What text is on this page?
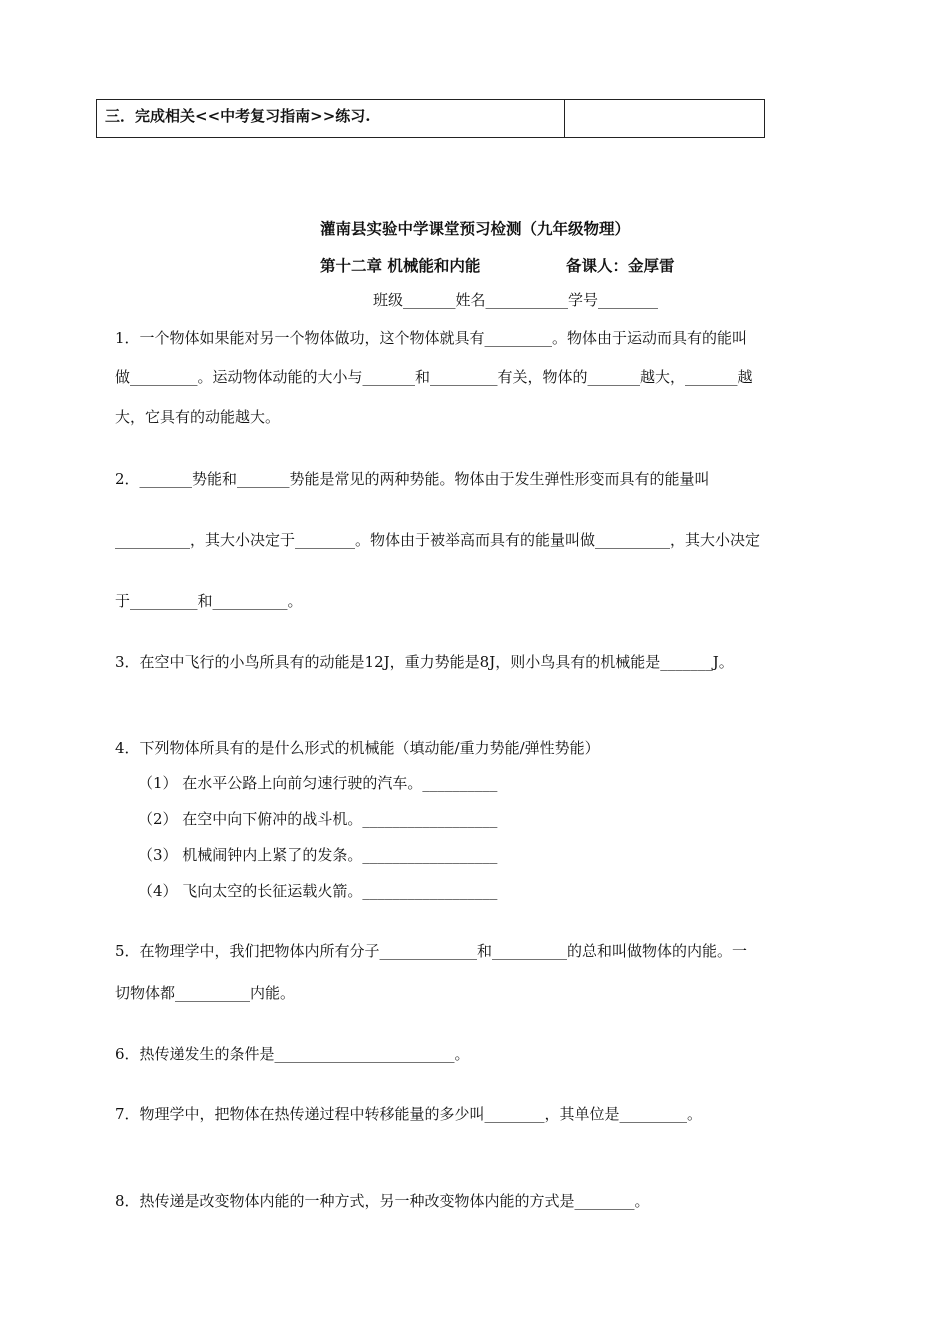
三．完成相关<<中考复习指南>>练习.	
灌南县实验中学课堂预习检测（九年级物理）
第十二章 机械能和内能	备课人：金厚雷
班级_______姓名___________学号________
1．一个物体如果能对另一个物体做功，这个物体就具有_________。物体由于运动而具有的能叫
做_________。运动物体动能的大小与_______和_________有关，物体的_______越大，_______越
大，它具有的动能越大。
2．_______势能和_______势能是常见的两种势能。物体由于发生弹性形变而具有的能量叫
__________，其大小决定于________。物体由于被举高而具有的能量叫做__________，其大小决定
于_________和__________。
3．在空中飞行的小鸟所具有的动能是12J，重力势能是8J，则小鸟具有的机械能是_______J。
4．下列物体所具有的是什么形式的机械能（填动能/重力势能/弹性势能）
（1） 在水平公路上向前匀速行驶的汽车。__________
（2） 在空中向下俯冲的战斗机。__________________
（3） 机械闹钟内上紧了的发条。__________________
（4） 飞向太空的长征运载火箭。__________________
5．在物理学中，我们把物体内所有分子_____________和__________的总和叫做物体的内能。一
切物体都__________内能。
6．热传递发生的条件是________________________。
7．物理学中，把物体在热传递过程中转移能量的多少叫________，其单位是_________。
8．热传递是改变物体内能的一种方式，另一种改变物体内能的方式是________。
